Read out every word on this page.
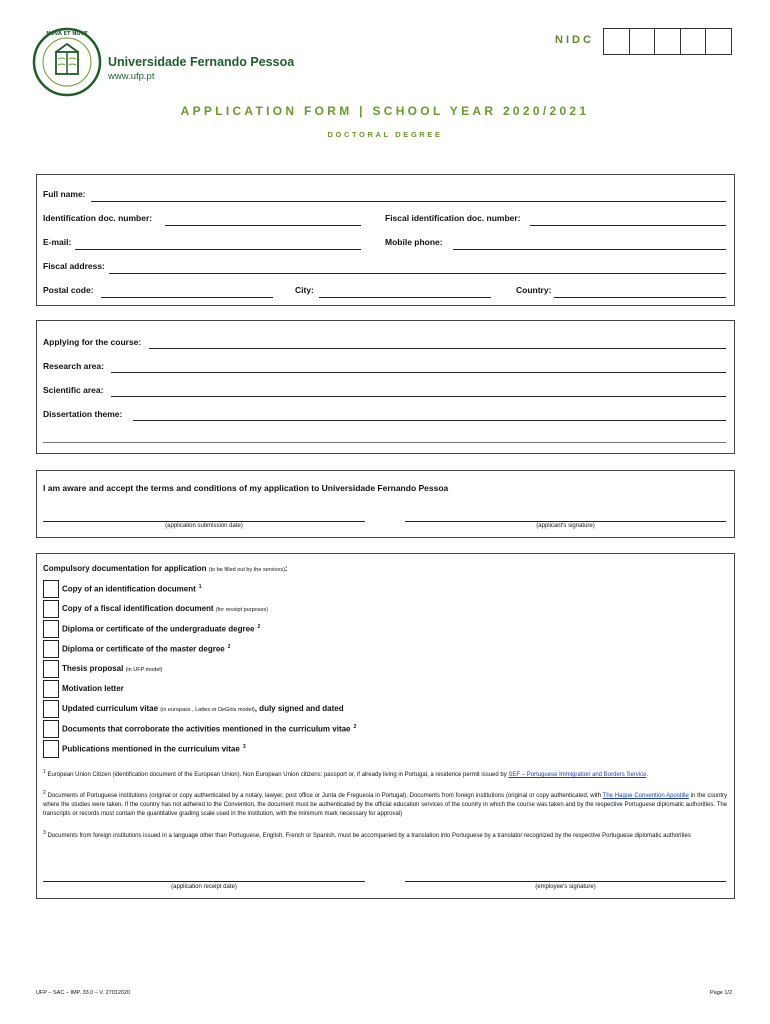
NOVA ET NOVE
Universidade Fernando Pessoa
www.ufp.pt
NIDC
APPLICATION FORM | SCHOOL YEAR 2020/2021
DOCTORAL DEGREE
Full name:
Identification doc. number:	Fiscal identification doc. number:
E-mail:	Mobile phone:
Fiscal address:
Postal code:	City:	Country:
Applying for the course:
Research area:
Scientific area:
Dissertation theme:
I am aware and accept the terms and conditions of my application to Universidade Fernando Pessoa
(application submission date)	(applicant's signature)
Compulsory documentation for application (to be filled out by the services):
Copy of an identification document $^1$
Copy of a fiscal identification document (for receipt purposes)
Diploma or certificate of the undergraduate degree $^2$
Diploma or certificate of the master degree $^2$
Thesis proposal (in UFP model)
Motivation letter
Updated curriculum vitae (in europass , Lattes or DeGóis model), duly signed and dated
Documents that corroborate the activities mentioned in the curriculum vitae $^2$
Publications mentioned in the curriculum vitae $^3$
$^1$ European Union Citizen (identification document of the European Union). Non European Union citizens: passport or, if already living in Portugal, a residence permit issued by SEF – Portuguese Immigration and Borders Service.
$^2$ Documents of Portuguese institutions (original or copy authenticated by a notary, lawyer, post office or Junta de Freguesia in Portugal). Documents from foreign institutions (original or copy authenticated, with The Hague Convention Apostille in the country where the studies were taken. If the country has not adhered to the Convention, the document must be authenticated by the official education services of the country in which the course was taken and by the respective Portuguese diplomatic authorities. The transcripts or records must contain the quantitative grading scale used in the institution, with the minimum mark necessary for approval)
$^3$ Documents from foreign institutions issued in a language other than Portuguese, English, French or Spanish, must be accompanied by a translation into Portuguese by a translator recognized by the respective Portuguese diplomatic authorities
(application receipt date)	(employee's signature)
UFP – SAC – IMP. 33.0 – V. 27012020	Page 1/2
